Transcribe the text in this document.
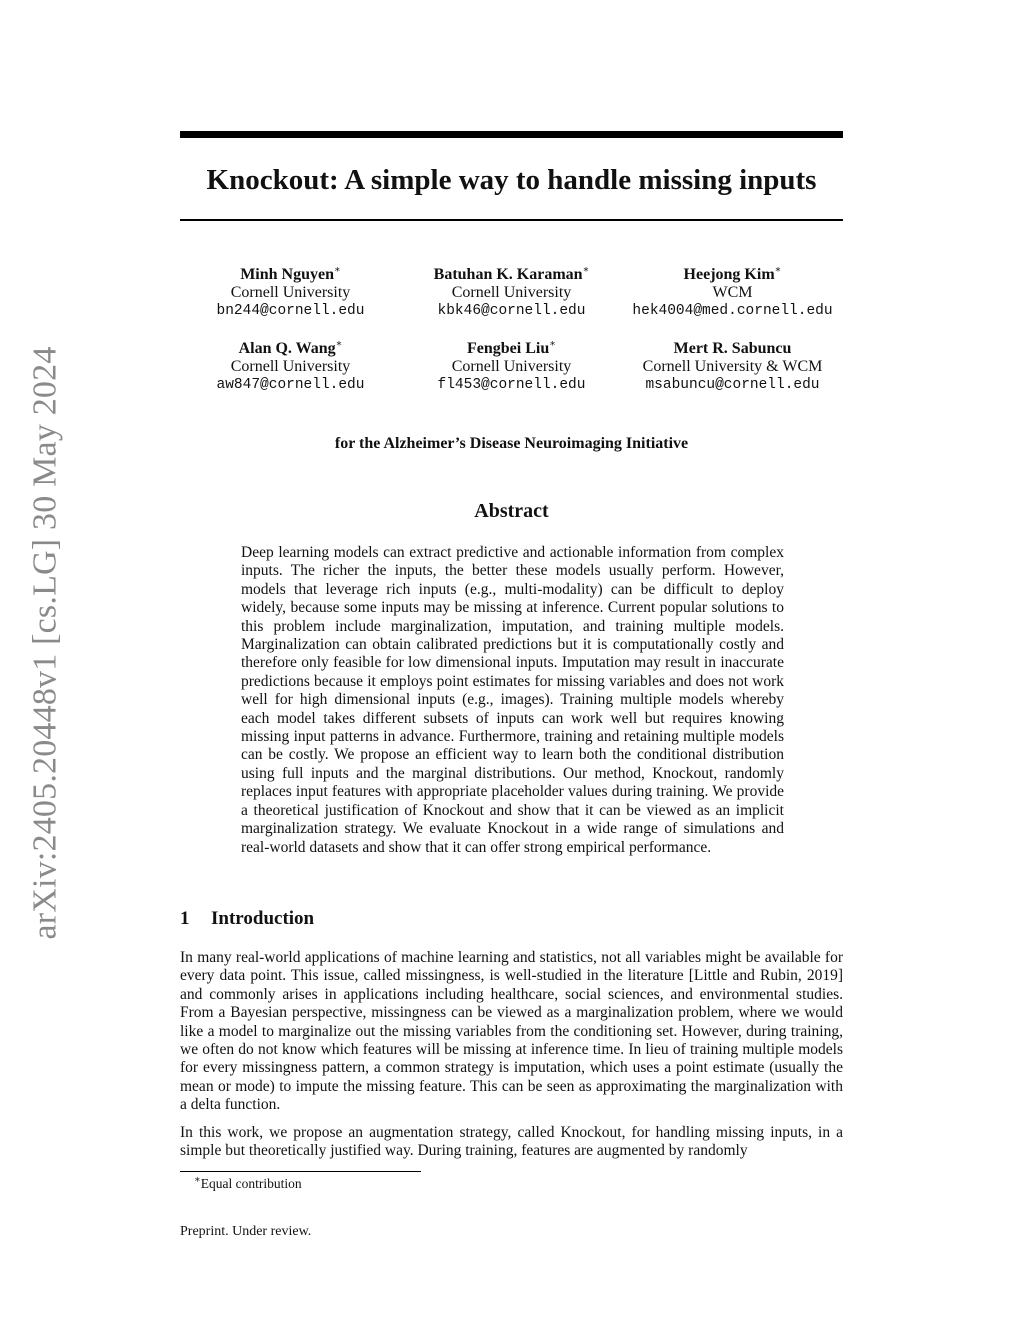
arXiv:2405.20448v1 [cs.LG] 30 May 2024
Knockout: A simple way to handle missing inputs
Minh Nguyen∗
Cornell University
bn244@cornell.edu
Batuhan K. Karaman∗
Cornell University
kbk46@cornell.edu
Heejong Kim∗
WCM
hek4004@med.cornell.edu
Alan Q. Wang∗
Cornell University
aw847@cornell.edu
Fengbei Liu∗
Cornell University
fl453@cornell.edu
Mert R. Sabuncu
Cornell University & WCM
msabuncu@cornell.edu
for the Alzheimer’s Disease Neuroimaging Initiative
Abstract
Deep learning models can extract predictive and actionable information from complex inputs. The richer the inputs, the better these models usually perform. However, models that leverage rich inputs (e.g., multi-modality) can be difficult to deploy widely, because some inputs may be missing at inference. Current popular solutions to this problem include marginalization, imputation, and training multiple models. Marginalization can obtain calibrated predictions but it is computationally costly and therefore only feasible for low dimensional inputs. Imputation may result in inaccurate predictions because it employs point estimates for missing variables and does not work well for high dimensional inputs (e.g., images). Training multiple models whereby each model takes different subsets of inputs can work well but requires knowing missing input patterns in advance. Furthermore, training and retaining multiple models can be costly. We propose an efficient way to learn both the conditional distribution using full inputs and the marginal distributions. Our method, Knockout, randomly replaces input features with appropriate placeholder values during training. We provide a theoretical justification of Knockout and show that it can be viewed as an implicit marginalization strategy. We evaluate Knockout in a wide range of simulations and real-world datasets and show that it can offer strong empirical performance.
1 Introduction

In many real-world applications of machine learning and statistics, not all variables might be available for every data point. This issue, called missingness, is well-studied in the literature [Little and Rubin, 2019] and commonly arises in applications including healthcare, social sciences, and environmental studies. From a Bayesian perspective, missingness can be viewed as a marginalization problem, where we would like a model to marginalize out the missing variables from the conditioning set. However, during training, we often do not know which features will be missing at inference time. In lieu of training multiple models for every missingness pattern, a common strategy is imputation, which uses a point estimate (usually the mean or mode) to impute the missing feature. This can be seen as approximating the marginalization with a delta function.

In this work, we propose an augmentation strategy, called Knockout, for handling missing inputs, in a simple but theoretically justified way. During training, features are augmented by randomly

∗Equal contribution
Preprint. Under review.
